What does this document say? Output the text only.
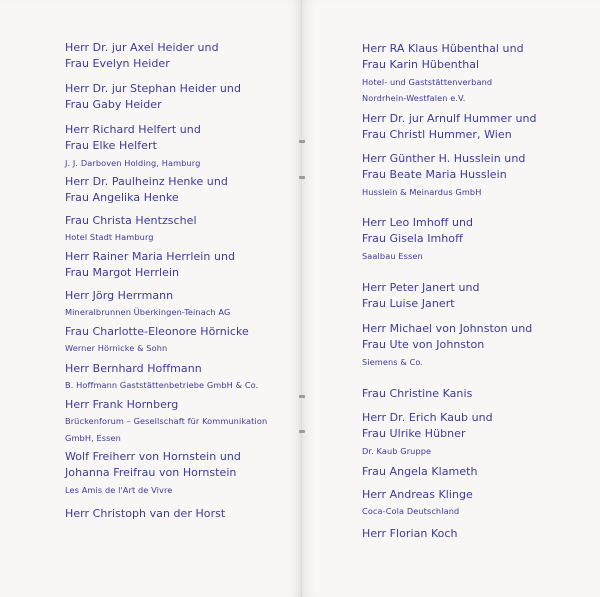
Herr Dr. jur Axel Heider und
Frau Evelyn Heider
Herr Dr. jur Stephan Heider und
Frau Gaby Heider
Herr Richard Helfert und
Frau Elke Helfert
J. J. Darboven Holding, Hamburg
Herr Dr. Paulheinz Henke und
Frau Angelika Henke
Frau Christa Hentzschel
Hotel Stadt Hamburg
Herr Rainer Maria Herrlein und
Frau Margot Herrlein
Herr Jörg Herrmann
Mineralbrunnen Überkingen-Teinach AG
Frau Charlotte-Eleonore Hörnicke
Werner Hörnicke & Sohn
Herr Bernhard Hoffmann
B. Hoffmann Gaststättenbetriebe GmbH & Co.
Herr Frank Hornberg
Brückenforum – Gesellschaft für Kommunikation
GmbH, Essen
Wolf Freiherr von Hornstein und
Johanna Freifrau von Hornstein
Les Amis de l'Art de Vivre
Herr Christoph van der Horst
Herr RA Klaus Hübenthal und
Frau Karin Hübenthal
Hotel- und Gaststättenverband
Nordrhein-Westfalen e.V.
Herr Dr. jur Arnulf Hummer und
Frau Christl Hummer, Wien
Herr Günther H. Husslein und
Frau Beate Maria Husslein
Husslein & Meinardus GmbH
Herr Leo Imhoff und
Frau Gisela Imhoff
Saalbau Essen
Herr Peter Janert und
Frau Luise Janert
Herr Michael von Johnston und
Frau Ute von Johnston
Siemens & Co.
Frau Christine Kanis
Herr Dr. Erich Kaub und
Frau Ulrike Hübner
Dr. Kaub Gruppe
Frau Angela Klameth
Herr Andreas Klinge
Coca-Cola Deutschland
Herr Florian Koch
